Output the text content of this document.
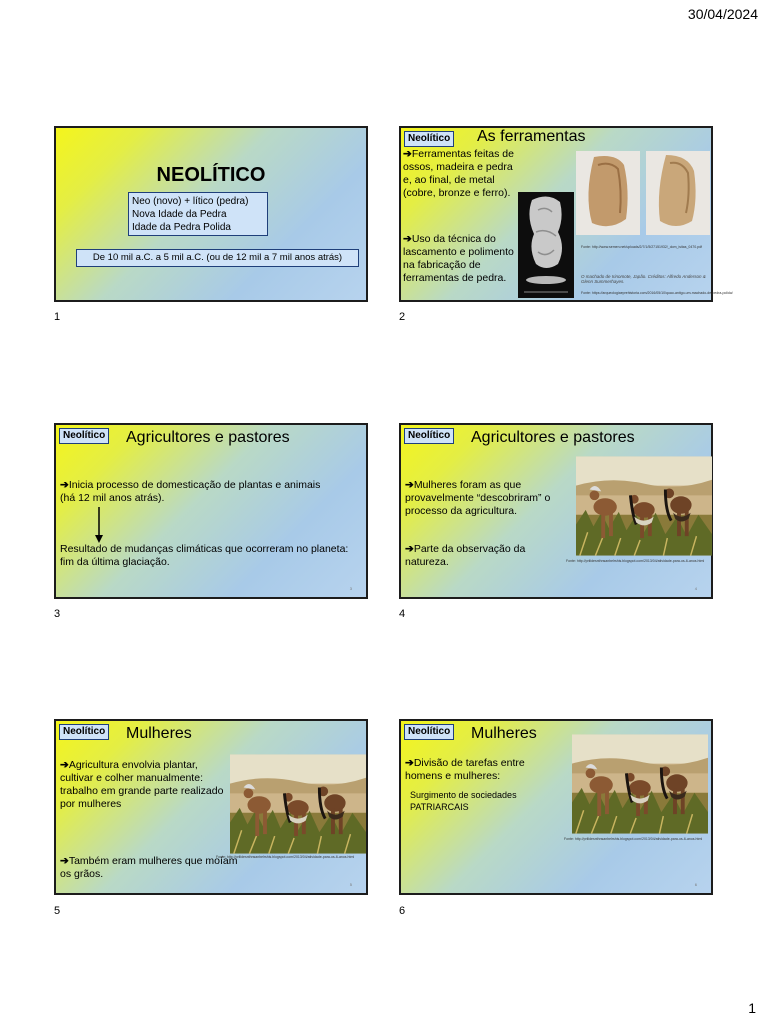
30/04/2024
NEOLÍTICO
Neo (novo) + lítico (pedra)
Nova Idade da Pedra
Idade da Pedra Polida
De 10 mil a.C. a 5 mil a.C. (ou de 12 mil a 7 mil anos atrás)
1
Neolítico As ferramentas
➔Ferramentas feitas de ossos, madeira e pedra e, ao final, de metal (cobre, bronze e ferro).
➔Uso da técnica do lascamento e polimento na fabricação de ferramentas de pedra.
Fonte: http://www.semen.net/uploads/2/7/1/5/27151932/_dom_isitas_0470.pdf
O machado de Irinomote, Japão. Créditos: Alfredo Anderson & Glenn Summerhayes.
Fonte: https://arqueologiaeprehistoria.com/2016/05/10/quao-antigo-um-machado-de-pedra-polida/
2
Neolítico Agricultores e pastores
➔Inicia processo de domesticação de plantas e animais (há 12 mil anos atrás).
Resultado de mudanças climáticas que ocorreram no planeta: fim da última glaciação.
3
3
Neolítico Agricultores e pastores
➔Mulheres foram as que provavelmente “descobriram” o processo da agricultura.
➔Parte da observação da natureza.	Fonte: http://prilidesnthnsanbelrshis.blogspot.com/2013/04/atividade-para-os-6-anos.html
4
4
Neolítico Mulheres
➔Agricultura envolvia plantar, cultivar e colher manualmente: trabalho em grande parte realizado por mulheres
➔Também eram mulheres que moíam os grãos.
Fonte: http://prilidesnthnsanbelrshis.blogspot.com/2013/04/atividade-para-os-6-anos.html
5
5
Neolítico Mulheres
➔Divisão de tarefas entre homens e mulheres:
Surgimento de sociedades PATRIARCAIS
Fonte: http://prilidesnthnsanbelrshis.blogspot.com/2013/04/atividade-para-os-6-anos.html
6
6
1
